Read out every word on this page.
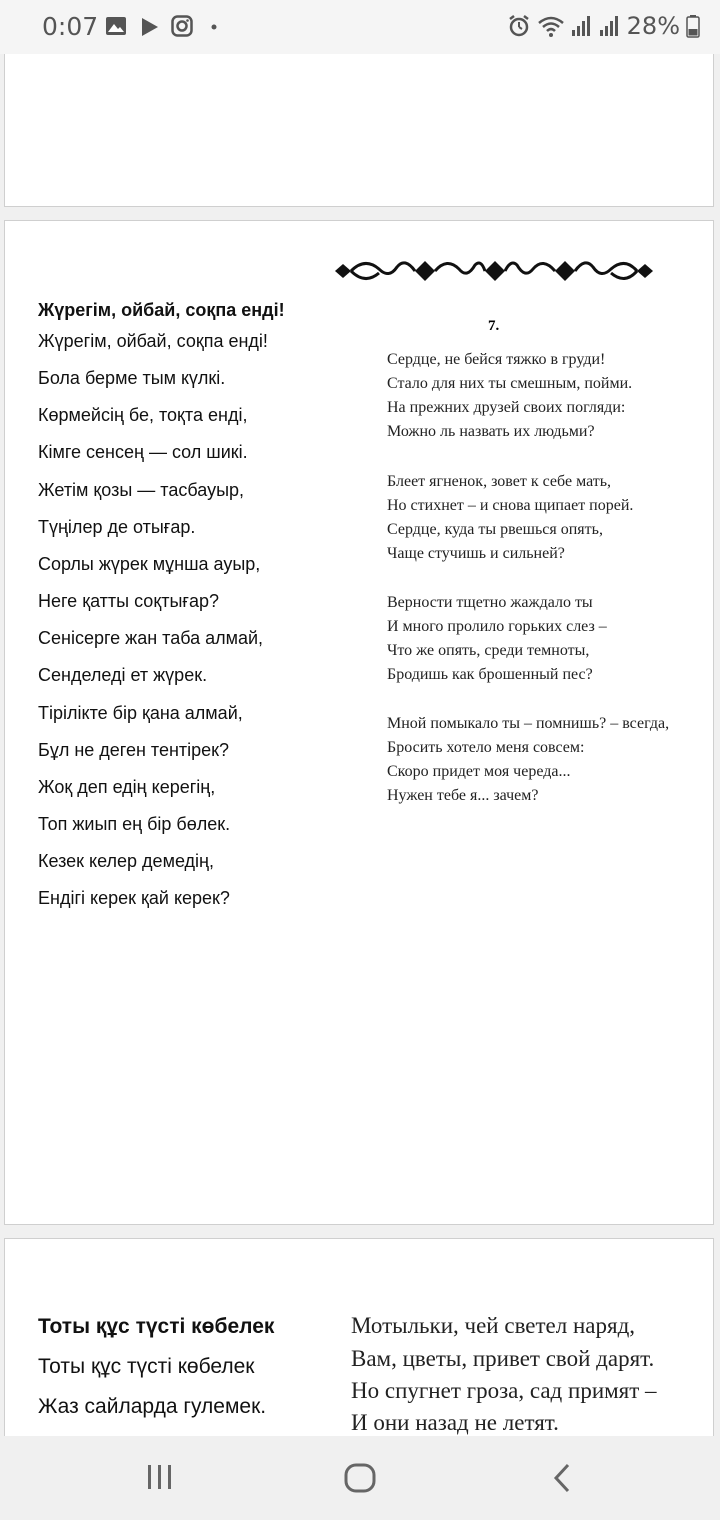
0:07	28%
Жүрегім, ойбай, соқпа енді!
Жүрегім, ойбай, соқпа енді!
Бола берме тым күлкі.
Көрмейсің бе, тоқта енді,
Кімге сенсең — сол шикі.
Жетім қозы — тасбауыр,
Түңілер де отығар.
Сорлы жүрек мұнша ауыр,
Неге қатты соқтығар?
Сенісерге жан таба алмай,
Сенделеді ет жүрек.
Тірілікте бір қана алмай,
Бұл не деген тентірек?
Жоқ деп едің керегің,
Топ жиып ең бір бөлек.
Кезек келер демедің,
Ендігі керек қай керек?
7.
Сердце, не бейся тяжко в груди!
Стало для них ты смешным, пойми.
На прежних друзей своих погляди:
Можно ль назвать их людьми?
Блеет ягненок, зовет к себе мать,
Но стихнет – и снова щипает порей.
Сердце, куда ты рвешься опять,
Чаще стучишь и сильней?
Верности тщетно жаждало ты
И много пролило горьких слез –
Что же опять, среди темноты,
Бродишь как брошенный пес?
Мной помыкало ты – помнишь? – всегда,
Бросить хотело меня совсем:
Скоро придет моя череда...
Нужен тебе я... зачем?
Тоты құс түсті көбелек
Тоты құс түсті көбелек
Жаз сайларда гулемек.
Мотыльки, чей светел наряд,
Вам, цветы, привет свой дарят.
Но спугнет гроза, сад примят –
И они назад не летят.
